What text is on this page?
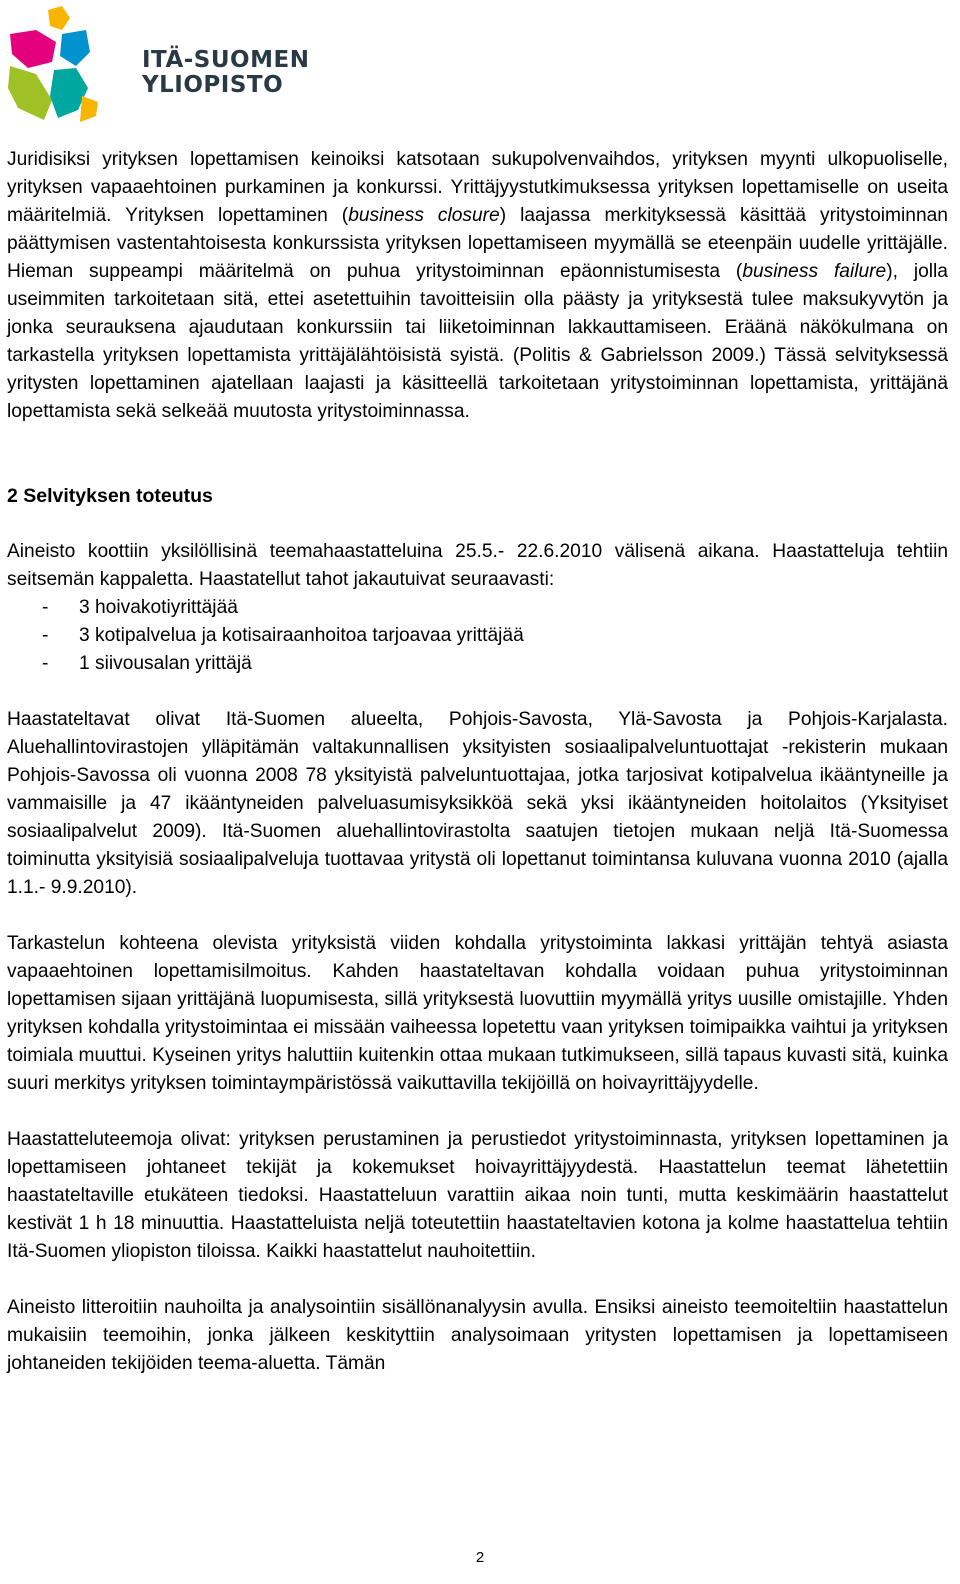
ITÄ-SUOMEN
YLIOPISTO

Juridisiksi yrityksen lopettamisen keinoiksi katsotaan sukupolvenvaihdos, yrityksen myynti ulkopuoliselle, yrityksen vapaaehtoinen purkaminen ja konkurssi. Yrittäjyystutkimuksessa yrityksen lopettamiselle on useita määritelmiä. Yrityksen lopettaminen (business closure) laajassa merkityksessä käsittää yritystoiminnan päättymisen vastentahtoisesta konkurssista yrityksen lopettamiseen myymällä se eteenpäin uudelle yrittäjälle. Hieman suppeampi määritelmä on puhua yritystoiminnan epäonnistumisesta (business failure), jolla useimmiten tarkoitetaan sitä, ettei asetettuihin tavoitteisiin olla päästy ja yrityksestä tulee maksukyvytön ja jonka seurauksena ajaudutaan konkurssiin tai liiketoiminnan lakkauttamiseen. Eräänä näkökulmana on tarkastella yrityksen lopettamista yrittäjälähtöisistä syistä. (Politis & Gabrielsson 2009.) Tässä selvityksessä yritysten lopettaminen ajatellaan laajasti ja käsitteellä tarkoitetaan yritystoiminnan lopettamista, yrittäjänä lopettamista sekä selkeää muutosta yritystoiminnassa.

2 Selvityksen toteutus

Aineisto koottiin yksilöllisinä teemahaastatteluina 25.5.- 22.6.2010 välisenä aikana. Haastatteluja tehtiin seitsemän kappaletta. Haastatellut tahot jakautuivat seuraavasti:

- 3 hoivakotiyrittäjää
- 3 kotipalvelua ja kotisairaanhoitoa tarjoavaa yrittäjää
- 1 siivousalan yrittäjä

Haastateltavat olivat Itä-Suomen alueelta, Pohjois-Savosta, Ylä-Savosta ja Pohjois-Karjalasta. Aluehallintovirastojen ylläpitämän valtakunnallisen yksityisten sosiaalipalveluntuottajat -rekisterin mukaan Pohjois-Savossa oli vuonna 2008 78 yksityistä palveluntuottajaa, jotka tarjosivat kotipalvelua ikääntyneille ja vammaisille ja 47 ikääntyneiden palveluasumisyksikköä sekä yksi ikääntyneiden hoitolaitos (Yksityiset sosiaalipalvelut 2009). Itä-Suomen aluehallintovirastolta saatujen tietojen mukaan neljä Itä-Suomessa toiminutta yksityisiä sosiaalipalveluja tuottavaa yritystä oli lopettanut toimintansa kuluvana vuonna 2010 (ajalla 1.1.- 9.9.2010).

Tarkastelun kohteena olevista yrityksistä viiden kohdalla yritystoiminta lakkasi yrittäjän tehtyä asiasta vapaaehtoinen lopettamisilmoitus. Kahden haastateltavan kohdalla voidaan puhua yritystoiminnan lopettamisen sijaan yrittäjänä luopumisesta, sillä yrityksestä luovuttiin myymällä yritys uusille omistajille. Yhden yrityksen kohdalla yritystoimintaa ei missään vaiheessa lopetettu vaan yrityksen toimipaikka vaihtui ja yrityksen toimiala muuttui. Kyseinen yritys haluttiin kuitenkin ottaa mukaan tutkimukseen, sillä tapaus kuvasti sitä, kuinka suuri merkitys yrityksen toimintaympäristössä vaikuttavilla tekijöillä on hoivayrittäjyydelle.

Haastatteluteemoja olivat: yrityksen perustaminen ja perustiedot yritystoiminnasta, yrityksen lopettaminen ja lopettamiseen johtaneet tekijät ja kokemukset hoivayrittäjyydestä. Haastattelun teemat lähetettiin haastateltaville etukäteen tiedoksi. Haastatteluun varattiin aikaa noin tunti, mutta keskimäärin haastattelut kestivät 1 h 18 minuuttia. Haastatteluista neljä toteutettiin haastateltavien kotona ja kolme haastattelua tehtiin Itä-Suomen yliopiston tiloissa. Kaikki haastattelut nauhoitettiin.

Aineisto litteroitiin nauhoilta ja analysointiin sisällönanalyysin avulla. Ensiksi aineisto teemoiteltiin haastattelun mukaisiin teemoihin, jonka jälkeen keskityttiin analysoimaan yritysten lopettamisen ja lopettamiseen johtaneiden tekijöiden teema-aluetta. Tämän

2
